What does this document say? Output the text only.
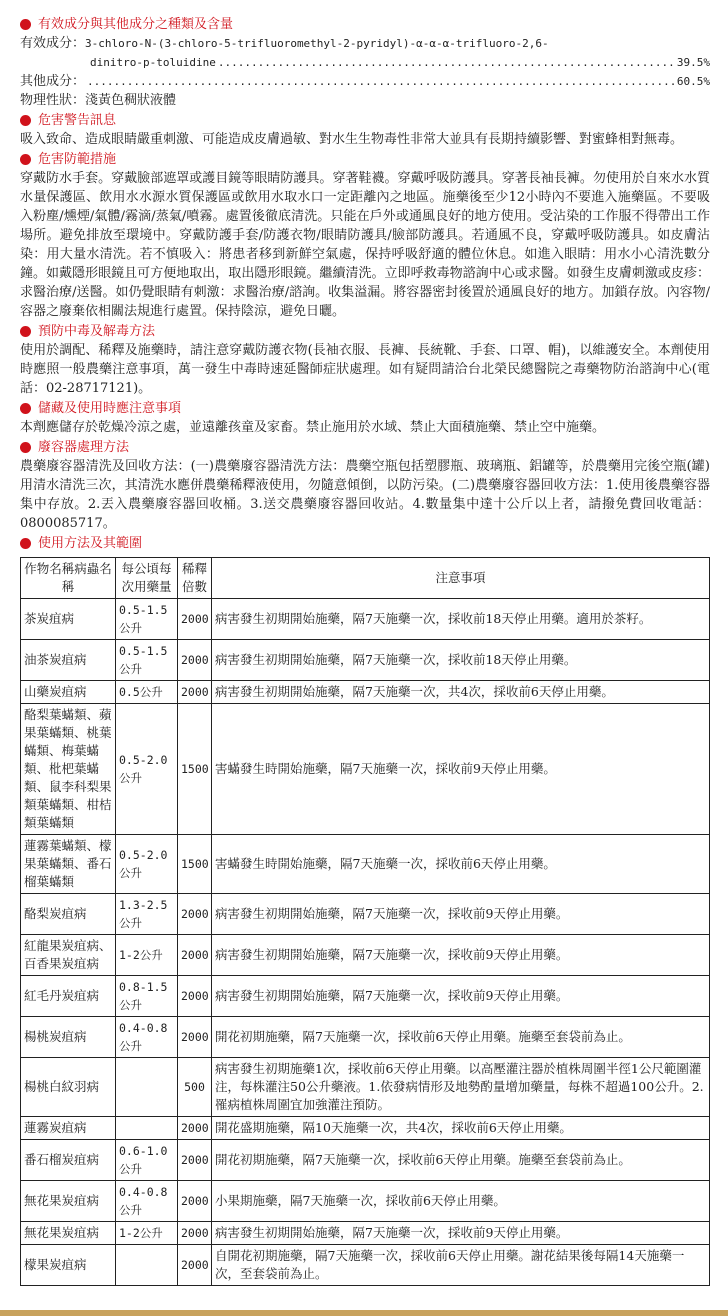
有效成分與其他成分之種類及含量
有效成分： 3-chloro-N-(3-chloro-5-trifluoromethyl-2-pyridyl)-α-α-α-trifluoro-2,6-
dinitro-p-toluidine .....	39.5%
其他成分： .....	60.5%
物理性狀： 淺黃色稠狀液體
危害警告訊息

吸入致命、造成眼睛嚴重刺激、可能造成皮膚過敏、對水生生物毒性非常大並具有長期持續影響、對蜜蜂相對無毒。

危害防範措施

穿戴防水手套。穿戴臉部遮罩或護目鏡等眼睛防護具。穿著鞋襪。穿戴呼吸防護具。穿著長袖長褲。勿使用於自來水水質水量保護區、飲用水水源水質保護區或飲用水取水口一定距離內之地區。施藥後至少12小時內不要進入施藥區。不要吸入粉塵/燻煙/氣體/霧滴/蒸氣/噴霧。處置後徹底清洗。只能在戶外或通風良好的地方使用。受沾染的工作服不得帶出工作場所。避免排放至環境中。穿戴防護手套/防護衣物/眼睛防護具/臉部防護具。若通風不良，穿戴呼吸防護具。如皮膚沾染：用大量水清洗。若不慎吸入：將患者移到新鮮空氣處，保持呼吸舒適的體位休息。如進入眼睛：用水小心清洗數分鐘。如戴隱形眼鏡且可方便地取出，取出隱形眼鏡。繼續清洗。立即呼救毒物諮詢中心或求醫。如發生皮膚刺激或皮疹：求醫治療/送醫。如仍覺眼睛有刺激：求醫治療/諮詢。收集溢漏。將容器密封後置於通風良好的地方。加鎖存放。內容物/容器之廢棄依相關法規進行處置。保持陰涼，避免日曬。

預防中毒及解毒方法

使用於調配、稀釋及施藥時，請注意穿戴防護衣物(長袖衣服、長褲、長統靴、手套、口罩、帽)，以維護安全。本劑使用時應照一般農藥注意事項，萬一發生中毒時速延醫師症狀處理。如有疑問請洽台北榮民總醫院之毒藥物防治諮詢中心(電話：02-28717121)。

儲藏及使用時應注意事項

本劑應儲存於乾燥冷涼之處，並遠離孩童及家畜。禁止施用於水域、禁止大面積施藥、禁止空中施藥。

廢容器處理方法

農藥廢容器清洗及回收方法：(一)農藥廢容器清洗方法：農藥空瓶包括塑膠瓶、玻璃瓶、鋁罐等，於農藥用完後空瓶(罐)用清水清洗三次，其清洗水應併農藥稀釋液使用，勿隨意傾倒，以防污染。(二)農藥廢容器回收方法：1.使用後農藥容器集中存放。2.丟入農藥廢容器回收桶。3.送交農藥廢容器回收站。4.數量集中達十公斤以上者，請撥免費回收電話：0800085717。

使用方法及其範圍
作物名稱病蟲名稱	每公頃每次用藥量	稀釋倍數	注意事項
茶炭疽病	0.5-1.5公升	2000	病害發生初期開始施藥，隔7天施藥一次，採收前18天停止用藥。適用於茶籽。
油茶炭疽病	0.5-1.5公升	2000	病害發生初期開始施藥，隔7天施藥一次，採收前18天停止用藥。
山藥炭疽病	0.5公升	2000	病害發生初期開始施藥，隔7天施藥一次，共4次，採收前6天停止用藥。
酪梨葉蟎類、蘋果葉蟎類、桃葉蟎類、梅葉蟎類、枇杷葉蟎類、鼠李科梨果類葉蟎類、柑桔類葉蟎類	0.5-2.0公升	1500	害蟎發生時開始施藥，隔7天施藥一次，採收前9天停止用藥。
蓮霧葉蟎類、檬果葉蟎類、番石榴葉蟎類	0.5-2.0公升	1500	害蟎發生時開始施藥，隔7天施藥一次，採收前6天停止用藥。
酪梨炭疽病	1.3-2.5公升	2000	病害發生初期開始施藥，隔7天施藥一次，採收前9天停止用藥。
紅龍果炭疽病、百香果炭疽病	1-2公升	2000	病害發生初期開始施藥，隔7天施藥一次，採收前9天停止用藥。
紅毛丹炭疽病	0.8-1.5公升	2000	病害發生初期開始施藥，隔7天施藥一次，採收前9天停止用藥。
楊桃炭疽病	0.4-0.8公升	2000	開花初期施藥，隔7天施藥一次，採收前6天停止用藥。施藥至套袋前為止。
楊桃白紋羽病		500	病害發生初期施藥1次，採收前6天停止用藥。以高壓灌注器於植株周圍半徑1公尺範圍灌注，每株灌注50公升藥液。1.依發病情形及地勢酌量增加藥量，每株不超過100公升。2.罹病植株周圍宜加強灌注預防。
蓮霧炭疽病		2000	開花盛期施藥，隔10天施藥一次，共4次，採收前6天停止用藥。
番石榴炭疽病	0.6-1.0公升	2000	開花初期施藥，隔7天施藥一次，採收前6天停止用藥。施藥至套袋前為止。
無花果炭疽病	0.4-0.8公升	2000	小果期施藥，隔7天施藥一次，採收前6天停止用藥。
無花果炭疽病	1-2公升	2000	病害發生初期開始施藥，隔7天施藥一次，採收前9天停止用藥。
檬果炭疽病		2000	自開花初期施藥，隔7天施藥一次，採收前6天停止用藥。謝花結果後每隔14天施藥一次，至套袋前為止。
